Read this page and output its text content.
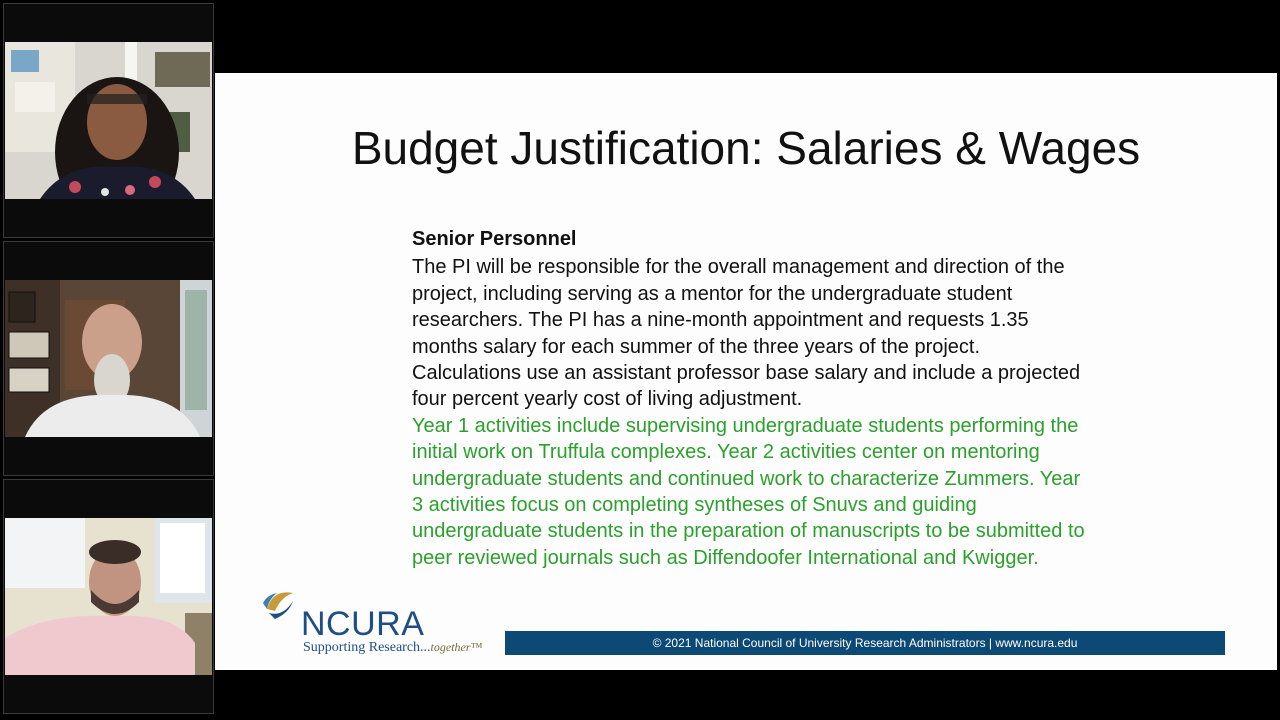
Budget Justification: Salaries & Wages
Senior Personnel

The PI will be responsible for the overall management and direction of the project, including serving as a mentor for the undergraduate student researchers. The PI has a nine-month appointment and requests 1.35 months salary for each summer of the three years of the project. Calculations use an assistant professor base salary and include a projected four percent yearly cost of living adjustment.

Year 1 activities include supervising undergraduate students performing the initial work on Truffula complexes. Year 2 activities center on mentoring undergraduate students and continued work to characterize Zummers. Year 3 activities focus on completing syntheses of Snuvs and guiding undergraduate students in the preparation of manuscripts to be submitted to peer reviewed journals such as Diffendoofer International and Kwigger.

NCURA
Supporting Research...together™	© 2021 National Council of University Research Administrators | www.ncura.edu
